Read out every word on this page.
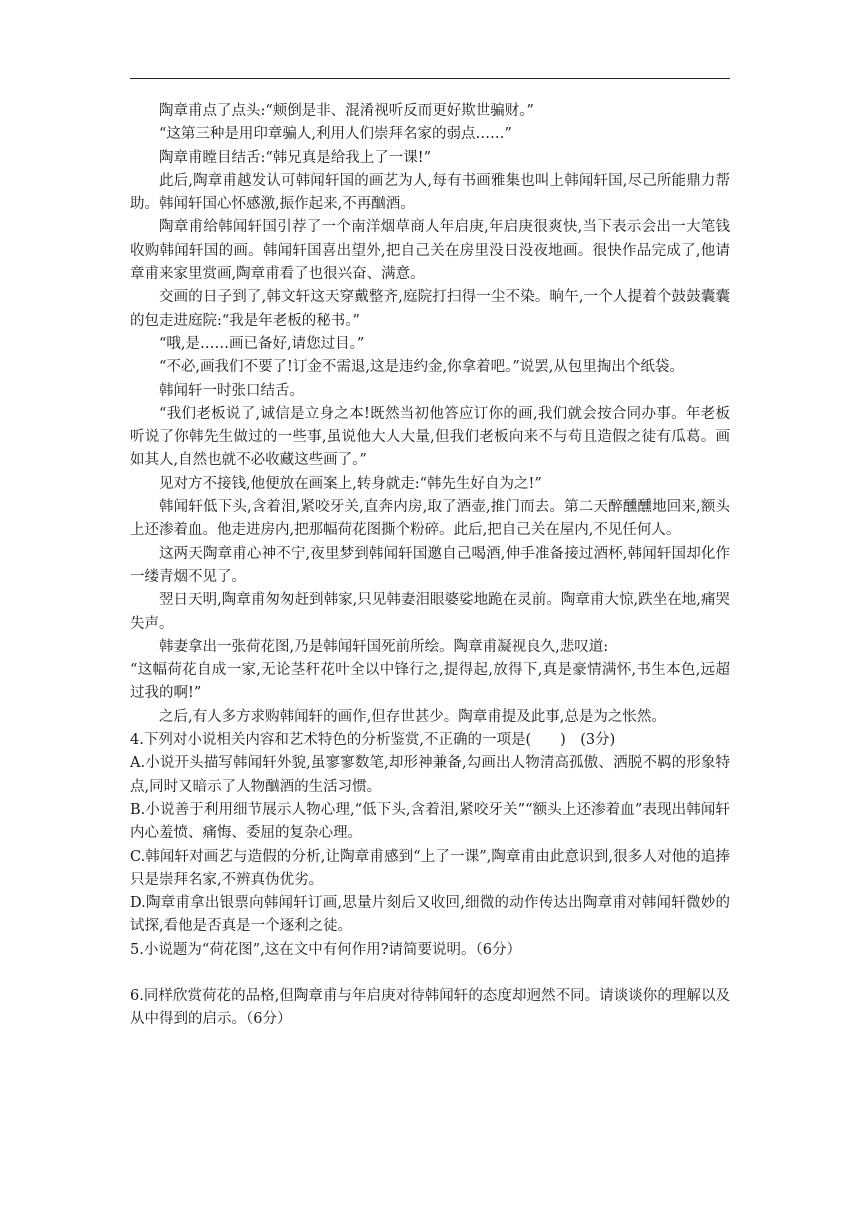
陶章甫点了点头:“颊倒是非、混淆视听反而更好欺世骗财。”

“这第三种是用印章骗人,利用人们崇拜名家的弱点……”

陶章甫瞠目结舌:“韩兄真是给我上了一课!”

此后,陶章甫越发认可韩闻轩国的画艺为人,每有书画雅集也叫上韩闻轩国,尽己所能鼎力帮助。韩闻轩国心怀感激,振作起来,不再酗酒。

陶章甫给韩闻轩国引荐了一个南洋烟草商人年启庚,年启庚很爽快,当下表示会出一大笔钱收购韩闻轩国的画。韩闻轩国喜出望外,把自己关在房里没日没夜地画。很快作品完成了,他请章甫来家里赏画,陶章甫看了也很兴奋、满意。

交画的日子到了,韩文轩这天穿戴整齐,庭院打扫得一尘不染。晌午,一个人提着个鼓鼓囊囊的包走进庭院:“我是年老板的秘书。”

“哦,是……画已备好,请您过目。”

“不必,画我们不要了!订金不需退,这是违约金,你拿着吧。”说罢,从包里掏出个纸袋。

韩闻轩一时张口结舌。

“我们老板说了,诚信是立身之本!既然当初他答应订你的画,我们就会按合同办事。年老板听说了你韩先生做过的一些事,虽说他大人大量,但我们老板向来不与苟且造假之徒有瓜葛。画如其人,自然也就不必收藏这些画了。”

见对方不接钱,他便放在画案上,转身就走:“韩先生好自为之!”

韩闻轩低下头,含着泪,紧咬牙关,直奔内房,取了酒壶,推门而去。第二天醉醺醺地回来,额头上还渗着血。他走进房内,把那幅荷花图撕个粉碎。此后,把自己关在屋内,不见任何人。

这两天陶章甫心神不宁,夜里梦到韩闻轩国邀自己喝酒,伸手准备接过酒杯,韩闻轩国却化作一缕青烟不见了。

翌日天明,陶章甫匆匆赶到韩家,只见韩妻泪眼婆娑地跪在灵前。陶章甫大惊,跌坐在地,痛哭失声。

韩妻拿出一张荷花图,乃是韩闻轩国死前所绘。陶章甫凝视良久,悲叹道:

“这幅荷花自成一家,无论茎秆花叶全以中锋行之,提得起,放得下,真是豪情满怀,书生本色,远超过我的啊!”

之后,有人多方求购韩闻轩的画作,但存世甚少。陶章甫提及此事,总是为之怅然。

4.下列对小说相关内容和艺术特色的分析鉴赏,不正确的一项是(　　)　(3分)

A.小说开头描写韩闻轩外貌,虽寥寥数笔,却形神兼备,勾画出人物清高孤傲、洒脱不羁的形象特点,同时又暗示了人物酗酒的生活习惯。

B.小说善于利用细节展示人物心理,“低下头,含着泪,紧咬牙关”“额头上还渗着血”表现出韩闻轩内心羞愤、痛悔、委屈的复杂心理。

C.韩闻轩对画艺与造假的分析,让陶章甫感到“上了一课”,陶章甫由此意识到,很多人对他的追捧只是崇拜名家,不辨真伪优劣。

D.陶章甫拿出银票向韩闻轩订画,思量片刻后又收回,细微的动作传达出陶章甫对韩闻轩微妙的试探,看他是否真是一个逐利之徒。

5.小说题为“荷花图”,这在文中有何作用?请简要说明。（6分）

6.同样欣赏荷花的品格,但陶章甫与年启庚对待韩闻轩的态度却迥然不同。请谈谈你的理解以及从中得到的启示。（6分）
